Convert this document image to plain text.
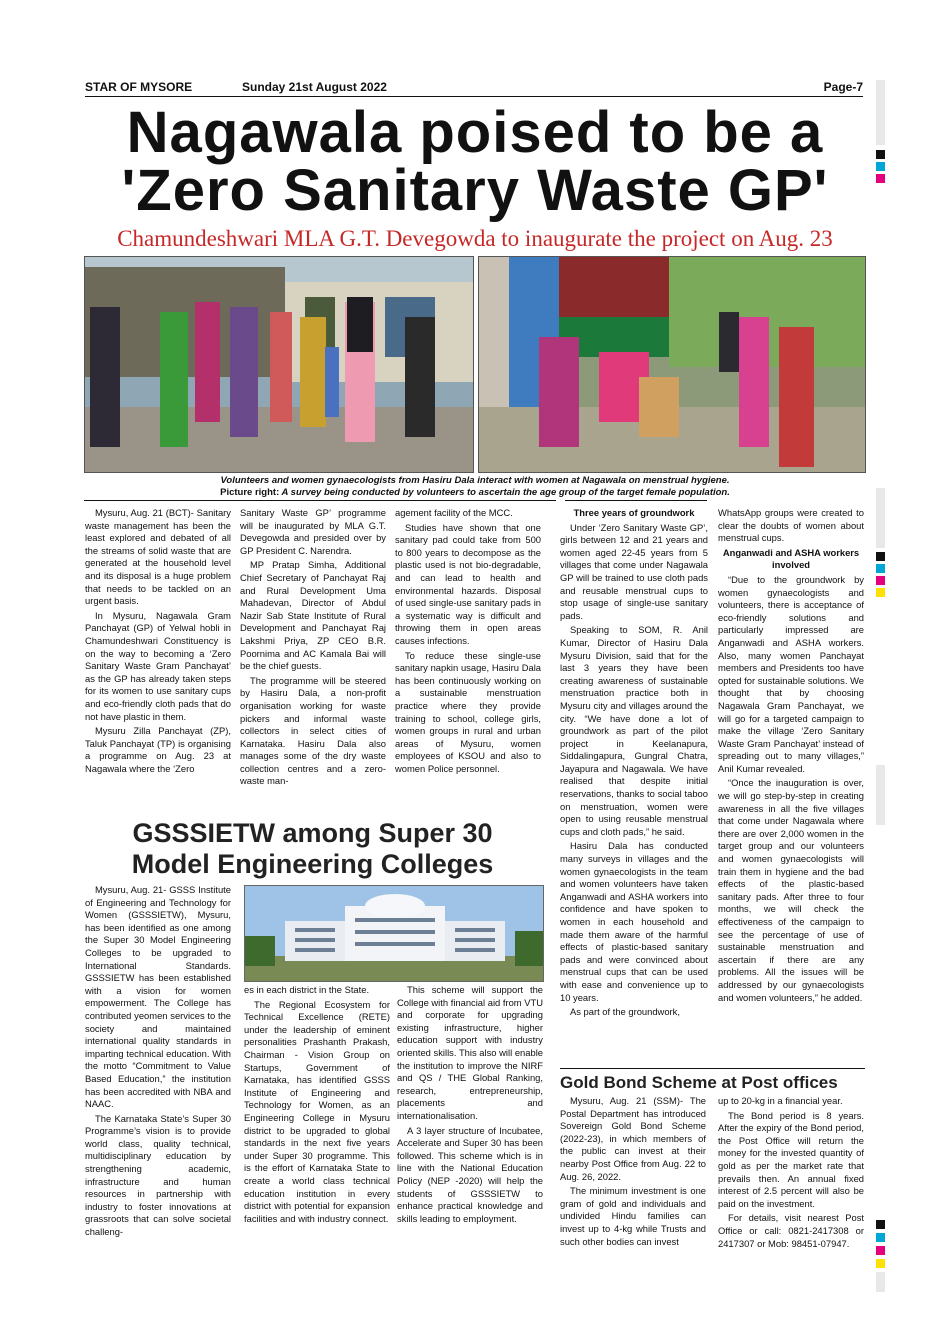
STAR OF MYSORE	Sunday 21st August 2022	Page-7
Nagawala poised to be a
'Zero Sanitary Waste GP'
Chamundeshwari MLA G.T. Devegowda to inaugurate the project on Aug. 23
Volunteers and women gynaecologists from Hasiru Dala interact with women at Nagawala on menstrual hygiene.
Picture right: A survey being conducted by volunteers to ascertain the age group of the target female population.

Mysuru, Aug. 21 (BCT)- Sanitary waste management has been the least explored and debated of all the streams of solid waste that are generated at the household level and its disposal is a huge problem that needs to be tackled on an urgent basis.

In Mysuru, Nagawala Gram Panchayat (GP) of Yelwal hobli in Chamundeshwari Constituency is on the way to becoming a ‘Zero Sanitary Waste Gram Panchayat’ as the GP has already taken steps for its women to use sanitary cups and eco-friendly cloth pads that do not have plastic in them.

Mysuru Zilla Panchayat (ZP), Taluk Panchayat (TP) is organising a programme on Aug. 23 at Nagawala where the ‘Zero

Sanitary Waste GP’ programme will be inaugurated by MLA G.T. Devegowda and presided over by GP President C. Narendra.

MP Pratap Simha, Additional Chief Secretary of Panchayat Raj and Rural Development Uma Mahadevan, Director of Abdul Nazir Sab State Institute of Rural Development and Panchayat Raj Lakshmi Priya, ZP CEO B.R. Poornima and AC Kamala Bai will be the chief guests.

The programme will be steered by Hasiru Dala, a non-profit organisation working for waste pickers and informal waste collectors in select cities of Karnataka. Hasiru Dala also manages some of the dry waste collection centres and a zero-waste man-

agement facility of the MCC.

Studies have shown that one sanitary pad could take from 500 to 800 years to decompose as the plastic used is not bio-degradable, and can lead to health and environmental hazards. Disposal of used single-use sanitary pads in a systematic way is difficult and throwing them in open areas causes infections.

To reduce these single-use sanitary napkin usage, Hasiru Dala has been continuously working on a sustainable menstruation practice where they provide training to school, college girls, women groups in rural and urban areas of Mysuru, women employees of KSOU and also to women Police personnel.

Three years of groundwork

Under ‘Zero Sanitary Waste GP’, girls between 12 and 21 years and women aged 22-45 years from 5 villages that come under Nagawala GP will be trained to use cloth pads and reusable menstrual cups to stop usage of single-use sanitary pads.

Speaking to SOM, R. Anil Kumar, Director of Hasiru Dala Mysuru Division, said that for the last 3 years they have been creating awareness of sustainable menstruation practice both in Mysuru city and villages around the city. “We have done a lot of groundwork as part of the pilot project in Keelanapura, Siddalingapura, Gungral Chatra, Jayapura and Nagawala. We have realised that despite initial reservations, thanks to social taboo on menstruation, women were open to using reusable menstrual cups and cloth pads,” he said.

Hasiru Dala has conducted many surveys in villages and the women gynaecologists in the team and women volunteers have taken Anganwadi and ASHA workers into confidence and have spoken to women in each household and made them aware of the harmful effects of plastic-based sanitary pads and were convinced about menstrual cups that can be used with ease and convenience up to 10 years.

As part of the groundwork,

WhatsApp groups were created to clear the doubts of women about menstrual cups.

Anganwadi and ASHA workers involved

“Due to the groundwork by women gynaecologists and volunteers, there is acceptance of eco-friendly solutions and particularly impressed are Anganwadi and ASHA workers. Also, many women Panchayat members and Presidents too have opted for sustainable solutions. We thought that by choosing Nagawala Gram Panchayat, we will go for a targeted campaign to make the village ‘Zero Sanitary Waste Gram Panchayat’ instead of spreading out to many villages,” Anil Kumar revealed.

“Once the inauguration is over, we will go step-by-step in creating awareness in all the five villages that come under Nagawala where there are over 2,000 women in the target group and our volunteers and women gynaecologists will train them in hygiene and the bad effects of the plastic-based sanitary pads. After three to four months, we will check the effectiveness of the campaign to see the percentage of use of sustainable menstruation and ascertain if there are any problems. All the issues will be addressed by our gynaecologists and women volunteers,” he added.

GSSSIETW among Super 30
Model Engineering Colleges

Mysuru, Aug. 21- GSSS Institute of Engineering and Technology for Women (GSSSIETW), Mysuru, has been identified as one among the Super 30 Model Engineering Colleges to be upgraded to International Standards. GSSSIETW has been established with a vision for women empowerment. The College has contributed yeomen services to the society and maintained international quality standards in imparting technical education. With the motto “Commitment to Value Based Education,” the institution has been accredited with NBA and NAAC.

The Karnataka State’s Super 30 Programme’s vision is to provide world class, quality technical, multidisciplinary education by strengthening academic, infrastructure and human resources in partnership with industry to foster innovations at grassroots that can solve societal challeng-

es in each district in the State.

The Regional Ecosystem for Technical Excellence (RETE) under the leadership of eminent personalities Prashanth Prakash, Chairman - Vision Group on Startups, Government of Karnataka, has identified GSSS Institute of Engineering and Technology for Women, as an Engineering College in Mysuru district to be upgraded to global standards in the next five years under Super 30 programme. This is the effort of Karnataka State to create a world class technical education institution in every district with potential for expansion facilities and with industry connect.

This scheme will support the College with financial aid from VTU and corporate for upgrading existing infrastructure, higher education support with industry oriented skills. This also will enable the institution to improve the NIRF and QS / THE Global Ranking, research, entrepreneurship, placements and internationalisation.

A 3 layer structure of Incubatee, Accelerate and Super 30 has been followed. This scheme which is in line with the National Education Policy (NEP -2020) will help the students of GSSSIETW to enhance practical knowledge and skills leading to employment.

Gold Bond Scheme at Post offices

Mysuru, Aug. 21 (SSM)- The Postal Department has introduced Sovereign Gold Bond Scheme (2022-23), in which members of the public can invest at their nearby Post Office from Aug. 22 to Aug. 26, 2022.

The minimum investment is one gram of gold and individuals and undivided Hindu families can invest up to 4-kg while Trusts and such other bodies can invest

up to 20-kg in a financial year.

The Bond period is 8 years. After the expiry of the Bond period, the Post Office will return the money for the invested quantity of gold as per the market rate that prevails then. An annual fixed interest of 2.5 percent will also be paid on the investment.

For details, visit nearest Post Office or call: 0821-2417308 or 2417307 or Mob: 98451-07947.
